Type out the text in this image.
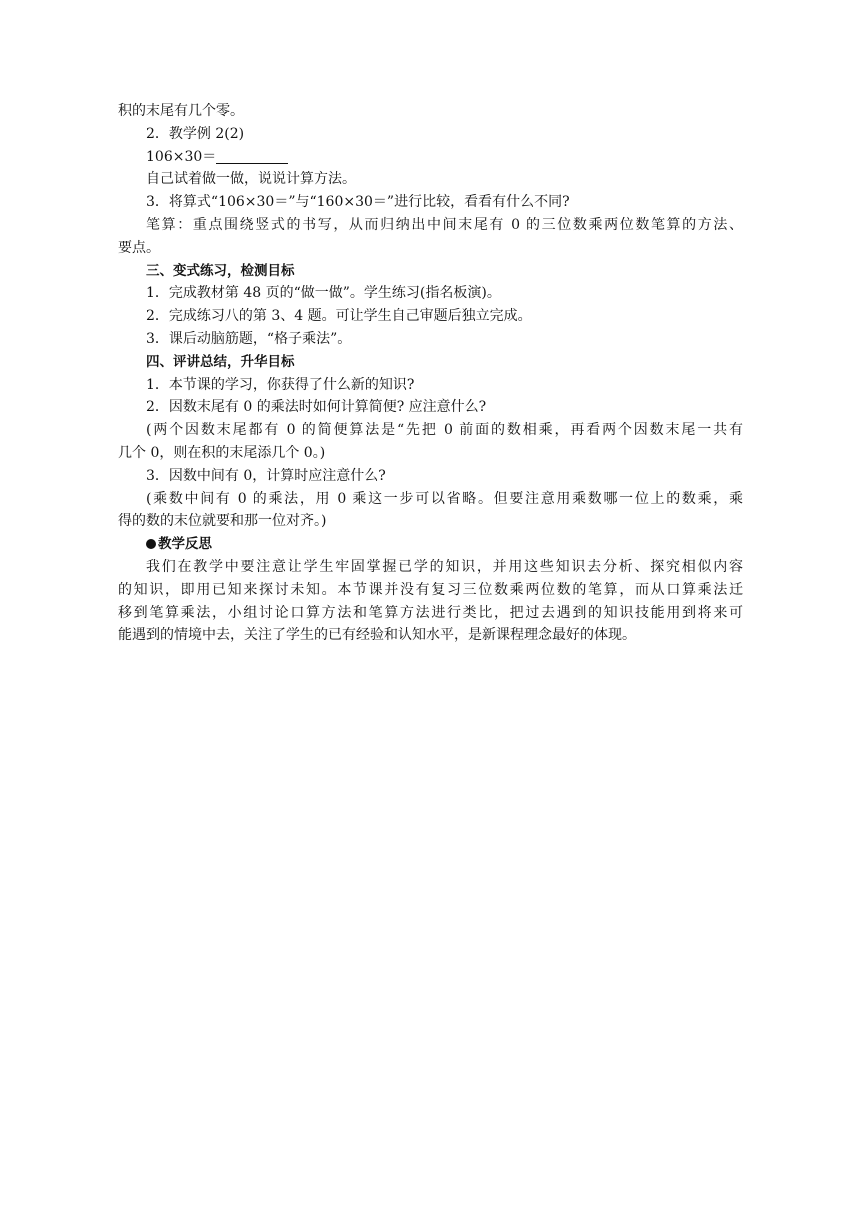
积的末尾有几个零。
2．教学例 2(2)
106×30＝
自己试着做一做，说说计算方法。
3．将算式“106×30＝”与“160×30＝”进行比较，看看有什么不同?
笔算：重点围绕竖式的书写，从而归纳出中间末尾有 0 的三位数乘两位数笔算的方法、
要点。
三、变式练习，检测目标
1．完成教材第 48 页的“做一做”。学生练习(指名板演)。
2．完成练习八的第 3、4 题。可让学生自己审题后独立完成。
3．课后动脑筋题，“格子乘法”。
四、评讲总结，升华目标
1．本节课的学习，你获得了什么新的知识?
2．因数末尾有 0 的乘法时如何计算简便? 应注意什么?
(两个因数末尾都有 0 的简便算法是“先把 0 前面的数相乘，再看两个因数末尾一共有
几个 0，则在积的末尾添几个 0。)
3．因数中间有 0，计算时应注意什么?
(乘数中间有 0 的乘法，用 0 乘这一步可以省略。但要注意用乘数哪一位上的数乘，乘
得的数的末位就要和那一位对齐。)
教学反思
我们在教学中要注意让学生牢固掌握已学的知识，并用这些知识去分析、探究相似内容
的知识，即用已知来探讨未知。本节课并没有复习三位数乘两位数的笔算，而从口算乘法迁
移到笔算乘法，小组讨论口算方法和笔算方法进行类比，把过去遇到的知识技能用到将来可
能遇到的情境中去，关注了学生的已有经验和认知水平，是新课程理念最好的体现。
